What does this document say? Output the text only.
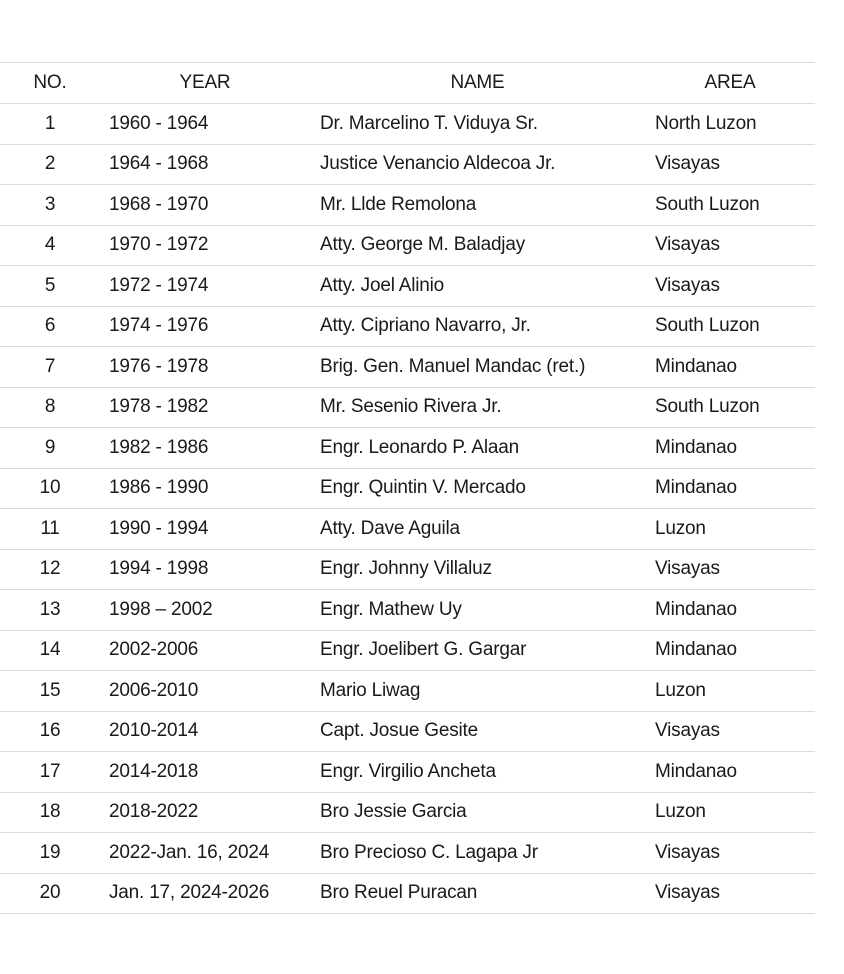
NO.	YEAR	NAME	AREA
1	1960 - 1964	Dr. Marcelino T. Viduya Sr.	North Luzon
2	1964 - 1968	Justice Venancio Aldecoa Jr.	Visayas
3	1968 - 1970	Mr. Llde Remolona	South Luzon
4	1970 - 1972	Atty. George M. Baladjay	Visayas
5	1972 - 1974	Atty. Joel Alinio	Visayas
6	1974 - 1976	Atty. Cipriano Navarro, Jr.	South Luzon
7	1976 - 1978	Brig. Gen. Manuel Mandac (ret.)	Mindanao
8	1978 - 1982	Mr. Sesenio Rivera Jr.	South Luzon
9	1982 - 1986	Engr. Leonardo P. Alaan	Mindanao
10	1986 - 1990	Engr. Quintin V. Mercado	Mindanao
11	1990 - 1994	Atty. Dave Aguila	Luzon
12	1994 - 1998	Engr. Johnny Villaluz	Visayas
13	1998 – 2002	Engr. Mathew Uy	Mindanao
14	2002-2006	Engr. Joelibert G. Gargar	Mindanao
15	2006-2010	Mario Liwag	Luzon
16	2010-2014	Capt. Josue Gesite	Visayas
17	2014-2018	Engr. Virgilio Ancheta	Mindanao
18	2018-2022	Bro Jessie Garcia	Luzon
19	2022-Jan. 16, 2024	Bro Precioso C. Lagapa Jr	Visayas
20	Jan. 17, 2024-2026	Bro Reuel Puracan	Visayas
